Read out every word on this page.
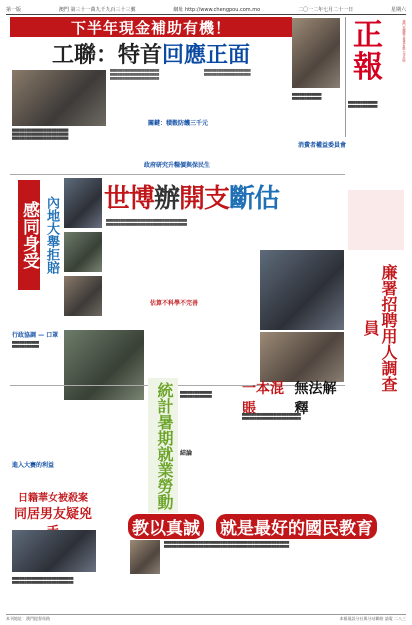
第一版	澳門 第三十一萬九千九百三十三號	網址 http://www.chengpou.com.mo	二〇一二年七月二十一日	星期六
下半年現金補助有機！
工聯：特首 回應正面
▇▇▇▇▇▇▇▇▇▇▇▇▇▇▇▇▇▇▇▇▇▇▇
▇▇▇▇▇▇▇▇▇▇▇▇▇▇▇▇▇▇▇▇▇▇▇
▇▇▇▇▇▇▇▇▇▇▇▇▇▇▇▇▇▇▇▇▇▇▇
▆▆▆▆▆▆▆▆▆▆▆▆▆▆▆▆▆▆▆▆
▆▆▆▆▆▆▆▆▆▆▆▆▆▆▆▆▆▆▆▆
▆▆▆▆▆▆▆▆▆▆▆▆▆▆▆▆▆▆▆▆
關鍵：積穀防饑三千元
▆▆▆▆▆▆▆▆▆▆▆▆▆▆▆▆▆▆▆
▆▆▆▆▆▆▆▆▆▆▆▆▆▆▆▆▆▆▆
政府研究升糧價與保民生
▆▆▆▆▆▆▆▆▆▆▆▆
▆▆▆▆▆▆▆▆▆▆▆▆
消費者權益委員會
正
報
澳門社團聯合報業有限公司出版
▆▆▆▆▆▆▆▆▆▆▆▆
▆▆▆▆▆▆▆▆▆▆▆▆
感同身受 內地大舉拒賠 世博 辦 開支 斷估
▆▆▆▆▆▆▆▆▆▆▆▆▆▆▆▆▆▆▆▆▆▆▆▆▆▆▆▆▆▆▆▆▆
▆▆▆▆▆▆▆▆▆▆▆▆▆▆▆▆▆▆▆▆▆▆▆▆▆▆▆▆▆▆▆▆▆
估算不科學不完善	廉署招聘用人調查員
行政協調 — 口罩
▆▆▆▆▆▆▆▆▆▆▆
▆▆▆▆▆▆▆▆▆▆▆
進入大賽的利益	統計暑期就業勞動	▆▆▆▆▆▆▆▆▆▆▆▆▆
▆▆▆▆▆▆▆▆▆▆▆▆▆
結論
一本混賬
無法解釋
▆▆▆▆▆▆▆▆▆▆▆▆▆▆▆▆▆▆▆▆▆▆▆▆
▆▆▆▆▆▆▆▆▆▆▆▆▆▆▆▆▆▆▆▆▆▆▆▆
日籍華女被殺案
同居男友疑兇
▆▆▆▆▆▆▆▆▆▆▆▆▆▆▆▆▆▆▆▆▆▆▆▆▆
▆▆▆▆▆▆▆▆▆▆▆▆▆▆▆▆▆▆▆▆▆▆▆▆▆
教以真誠 就是最好的國民教育
▆▆▆▆▆▆▆▆▆▆▆▆▆▆▆▆▆▆▆▆▆▆▆▆▆▆▆▆▆▆▆▆▆▆▆▆▆▆▆▆▆▆▆▆▆▆▆▆▆▆▆
▆▆▆▆▆▆▆▆▆▆▆▆▆▆▆▆▆▆▆▆▆▆▆▆▆▆▆▆▆▆▆▆▆▆▆▆▆▆▆▆▆▆▆▆▆▆▆▆▆▆▆
本刊地址：澳門提督馬路	本報現設分社與分站聯絡 請電 二八三
